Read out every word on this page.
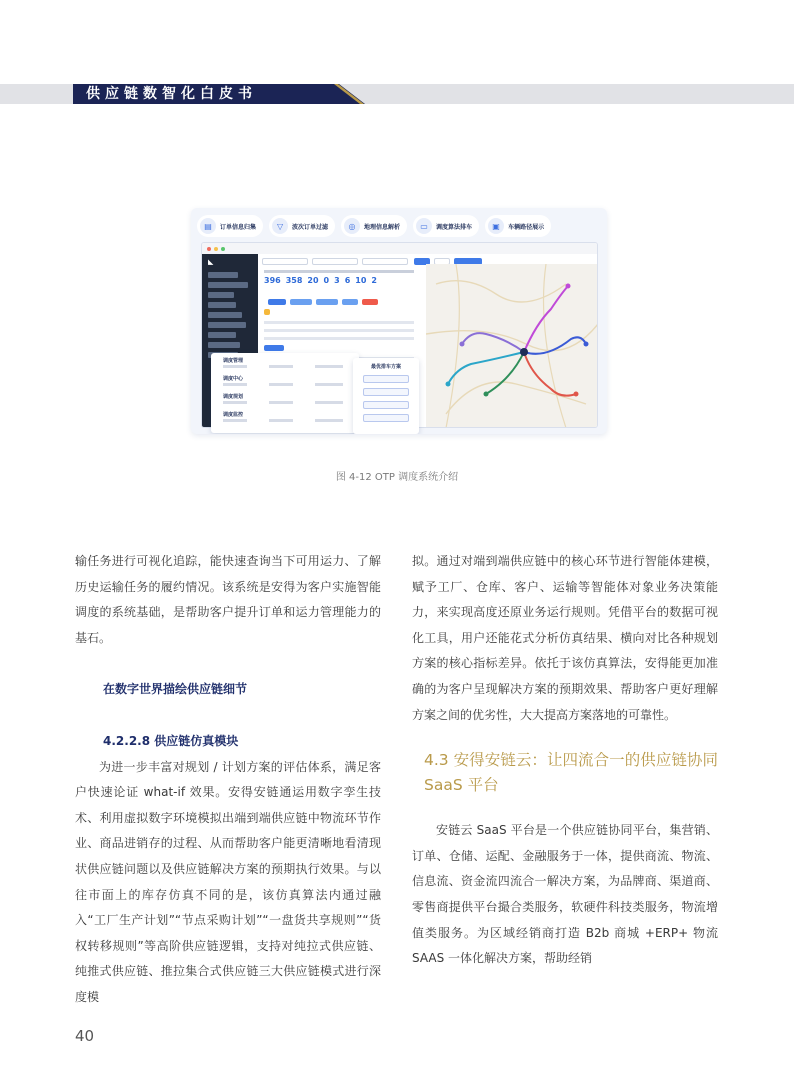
供应链数智化白皮书
▤	订单信息归集	▽	波次订单过滤	◎	地理信息解析	▭	调度算法排车	▣	车辆路径展示
◣
396 358 20 0 3 6 10 2
调度管理
调度中心
调度规划
调度监控
最优排车方案
图 4-12 OTP 调度系统介绍

输任务进行可视化追踪，能快速查询当下可用运力、了解历史运输任务的履约情况。该系统是安得为客户实施智能调度的系统基础，是帮助客户提升订单和运力管理能力的基石。

在数字世界描绘供应链细节

4.2.2.8 供应链仿真模块

为进一步丰富对规划 / 计划方案的评估体系，满足客户快速论证 what-if 效果。安得安链通运用数字孪生技术、利用虚拟数字环境模拟出端到端供应链中物流环节作业、商品进销存的过程、从而帮助客户能更清晰地看清现状供应链问题以及供应链解决方案的预期执行效果。与以往市面上的库存仿真不同的是，该仿真算法内通过融入“工厂生产计划”“节点采购计划”“一盘货共享规则”“货权转移规则”等高阶供应链逻辑，支持对纯拉式供应链、纯推式供应链、推拉集合式供应链三大供应链模式进行深度模

拟。通过对端到端供应链中的核心环节进行智能体建模，赋予工厂、仓库、客户、运输等智能体对象业务决策能力，来实现高度还原业务运行规则。凭借平台的数据可视化工具，用户还能花式分析仿真结果、横向对比各种规划方案的核心指标差异。依托于该仿真算法，安得能更加准确的为客户呈现解决方案的预期效果、帮助客户更好理解方案之间的优劣性，大大提高方案落地的可靠性。

4.3 安得安链云：让四流合一的供应链协同 SaaS 平台

安链云 SaaS 平台是一个供应链协同平台，集营销、订单、仓储、运配、金融服务于一体，提供商流、物流、信息流、资金流四流合一解决方案，为品牌商、渠道商、零售商提供平台撮合类服务，软硬件科技类服务，物流增值类服务。为区域经销商打造 B2b 商城 +ERP+ 物流 SAAS 一体化解决方案，帮助经销

40
